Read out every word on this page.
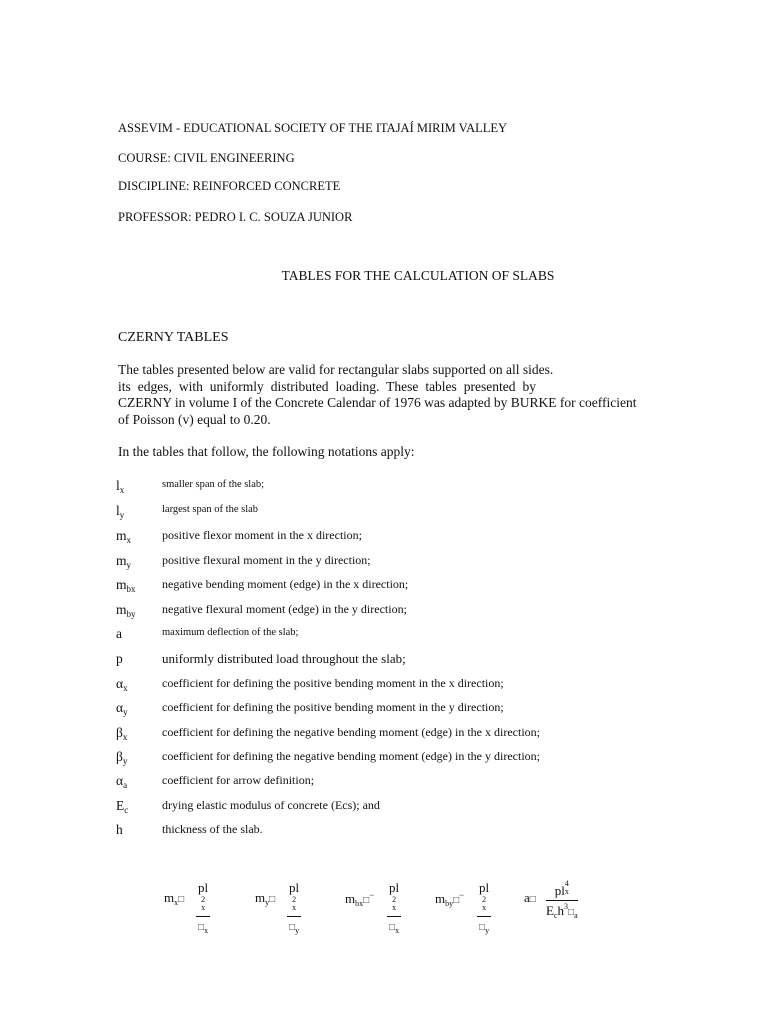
ASSEVIM - EDUCATIONAL SOCIETY OF THE ITAJAÍ MIRIM VALLEY
COURSE: CIVIL ENGINEERING
DISCIPLINE: REINFORCED CONCRETE
PROFESSOR: PEDRO I. C. SOUZA JUNIOR
TABLES FOR THE CALCULATION OF SLABS
CZERNY TABLES
The tables presented below are valid for rectangular slabs supported on all sides.
its edges, with uniformly distributed loading. These tables presented by
CZERNY in volume I of the Concrete Calendar of 1976 was adapted by BURKE for coefficient
of Poisson (v) equal to 0.20.
In the tables that follow, the following notations apply:
$l_x$	smaller span of the slab;
$l_y$	largest span of the slab
$m_x$	positive flexor moment in the x direction;
$m_y$	positive flexural moment in the y direction;
$m_{bx}$ negative bending moment (edge) in the x direction;
$m_{by}$ negative flexural moment (edge) in the y direction;
a	maximum deflection of the slab;
p	uniformly distributed load throughout the slab;
$\alpha_x$	coefficient for defining the positive bending moment in the x direction;
$\alpha_y$	coefficient for defining the positive bending moment in the y direction;
$\beta_x$	coefficient for defining the negative bending moment (edge) in the x direction;
$\beta_y$	coefficient for defining the negative bending moment (edge) in the y direction;
$\alpha_a$	coefficient for arrow definition;
$E_c$	drying elastic modulus of concrete (Ecs); and
h	thickness of the slab.
$m_x□$ pl
2
x
$□_x$	$m_y□$ pl
2
x
$□_y$	$m_{bx}□^-$ pl
2
x
$□_x$	$m_{by}□^-$ pl
2
x
$□_y$	a□
pl 4
x
$E_ch^3□_a$
